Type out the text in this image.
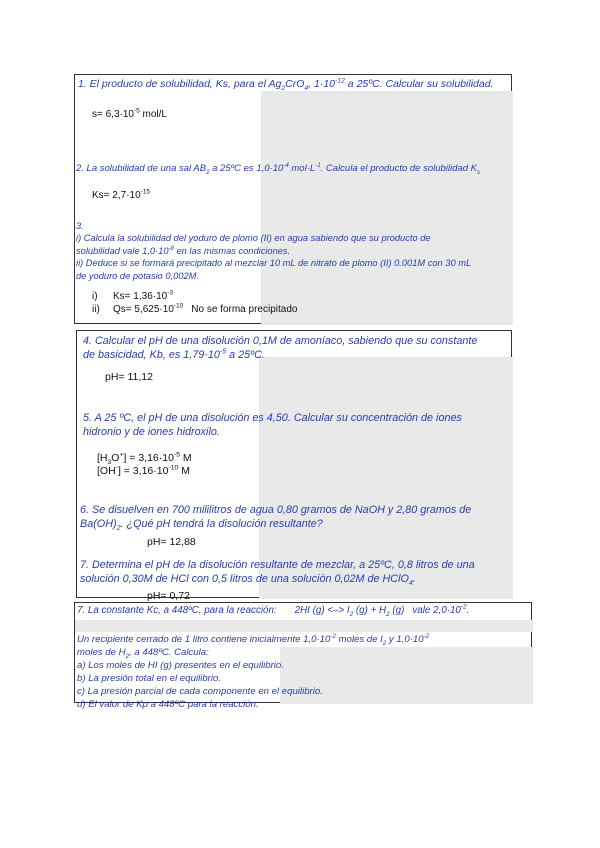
1. El producto de solubilidad, Ks, para el $Ag_2CrO_4$, $1\cdot 10^{-12}$ a 25ºC. Calcular su solubilidad.

$s= 6,3\cdot 10^{-5}$ mol/L

2. La solubilidad de una sal $AB_2$ a 25ºC es $1,0\cdot 10^{-4}$ $mol\cdot L^{-1}$. Calcula el producto de solubilidad $K_s$

$Ks= 2,7\cdot 10^{-15}$

3.
i) Calcula la solubilidad del yoduro de plomo (II) en agua sabiendo que su producto de
solubilidad vale $1,0\cdot 10^{-8}$ en las mismas condiciones.
ii) Deduce si se formará precipitado al mezclar 10 mL de nitrato de plomo (II) 0.001M con 30 mL
de yoduro de potasio 0,002M.

i) $Ks= 1,36\cdot 10^{-3}$
ii) $Qs= 5,625\cdot 10^{-10}$ No se forma precipitado

4. Calcular el pH de una disolución 0,1M de amoníaco, sabiendo que su constante
de basicidad, Kb, es $1,79\cdot 10^{-5}$ a 25ºC.

pH= 11,12

5. A 25 ºC, el pH de una disolución es 4,50. Calcular su concentración de iones
hidronio y de iones hidroxilo.

$[H_3O^+] = 3,16\cdot 10^{-5}$ M
$[OH^-] = 3,16\cdot 10^{-10}$ M

6. Se disuelven en 700 mililitros de agua 0,80 gramos de NaOH y 2,80 gramos de
$Ba(OH)_2$. ¿Qué pH tendrá la disolución resultante?

pH= 12,88

7. Determina el pH de la disolución resultante de mezclar, a 25ºC, 0,8 litros de una
solución 0,30M de HCl con 0,5 litros de una solución 0,02M de HClO$_4$.

pH= 0,72

7. La constante Kc, a 448ºC, para la reacción: 2HI (g) <–> $I_2$ $(g) + H_2$ (g) vale $2,0\cdot 10^{-2}$.

Un recipiente cerrado de 1 litro contiene inicialmente $1,0\cdot 10^{-2}$ moles de $I_2$ y $1,0\cdot 10^{-2}$
moles de $H_2$, a 448ºC. Calcula:
a) Los moles de HI (g) presentes en el equilibrio.
b) La presión total en el equilibrio.
c) La presión parcial de cada componente en el equilibrio.
d) El valor de Kp a 448ºC para la reacción.
